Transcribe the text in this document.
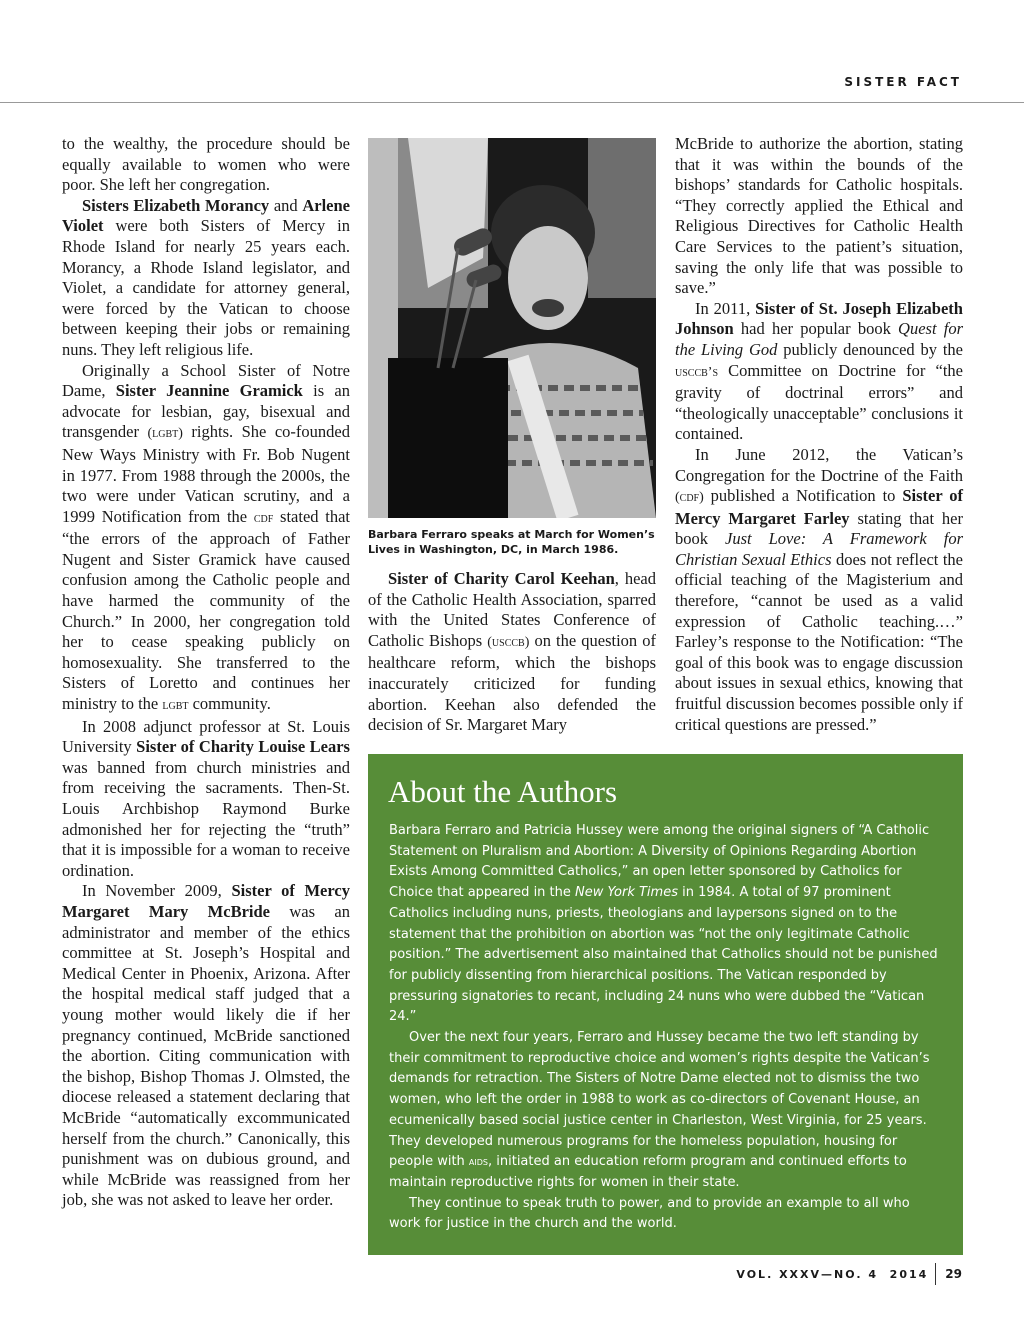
SISTER FACT

to the wealthy, the procedure should be equally available to women who were poor. She left her congregation.

Sisters Elizabeth Morancy and Arlene Violet were both Sisters of Mercy in Rhode Island for nearly 25 years each. Morancy, a Rhode Island legislator, and Violet, a candidate for attorney general, were forced by the Vatican to choose between keeping their jobs or remaining nuns. They left religious life.

Originally a School Sister of Notre Dame, Sister Jeannine Gramick is an advocate for lesbian, gay, bisexual and transgender (lgbt) rights. She co-founded New Ways Ministry with Fr. Bob Nugent in 1977. From 1988 through the 2000s, the two were under Vatican scrutiny, and a 1999 Notification from the cdf stated that “the errors of the approach of Father Nugent and Sister Gramick have caused confusion among the Catholic people and have harmed the community of the Church.” In 2000, her congregation told her to cease speaking publicly on homosexuality. She transferred to the Sisters of Loretto and continues her ministry to the lgbt community.

In 2008 adjunct professor at St. Louis University Sister of Charity Louise Lears was banned from church ministries and from receiving the sacraments. Then-St. Louis Archbishop Raymond Burke admonished her for rejecting the “truth” that it is impossible for a woman to receive ordination.

In November 2009, Sister of Mercy Margaret Mary McBride was an administrator and member of the ethics committee at St. Joseph’s Hospital and Medical Center in Phoenix, Arizona. After the hospital medical staff judged that a young mother would likely die if her pregnancy continued, McBride sanctioned the abortion. Citing communication with the bishop, Bishop Thomas J. Olmsted, the diocese released a statement declaring that McBride “automatically excommunicated herself from the church.” Canonically, this punishment was on dubious ground, and while McBride was reassigned from her job, she was not asked to leave her order.

Barbara Ferraro speaks at March for Women’s Lives in Washington, DC, in March 1986.

Sister of Charity Carol Keehan, head of the Catholic Health Association, sparred with the United States Conference of Catholic Bishops (usccb) on the question of healthcare reform, which the bishops inaccurately criticized for funding abortion. Keehan also defended the decision of Sr. Margaret Mary

McBride to authorize the abortion, stating that it was within the bounds of the bishops’ standards for Catholic hospitals. “They correctly applied the Ethical and Religious Directives for Catholic Health Care Services to the patient’s situation, saving the only life that was possible to save.”

In 2011, Sister of St. Joseph Elizabeth Johnson had her popular book Quest for the Living God publicly denounced by the usccb’s Committee on Doctrine for “the gravity of doctrinal errors” and “theologically unacceptable” conclusions it contained.

In June 2012, the Vatican’s Congregation for the Doctrine of the Faith (cdf) published a Notification to Sister of Mercy Margaret Farley stating that her book Just Love: A Framework for Christian Sexual Ethics does not reflect the official teaching of the Magisterium and therefore, “cannot be used as a valid expression of Catholic teaching.…” Farley’s response to the Notification: “The goal of this book was to engage discussion about issues in sexual ethics, knowing that fruitful discussion becomes possible only if critical questions are pressed.”

About the Authors

Barbara Ferraro and Patricia Hussey were among the original signers of “A Catholic Statement on Pluralism and Abortion: A Diversity of Opinions Regarding Abortion Exists Among Committed Catholics,” an open letter sponsored by Catholics for Choice that appeared in the New York Times in 1984. A total of 97 prominent Catholics including nuns, priests, theologians and laypersons signed on to the statement that the prohibition on abortion was “not the only legitimate Catholic position.” The advertisement also maintained that Catholics should not be punished for publicly dissenting from hierarchical positions. The Vatican responded by pressuring signatories to recant, including 24 nuns who were dubbed the “Vatican 24.”

Over the next four years, Ferraro and Hussey became the two left standing by their commitment to reproductive choice and women’s rights despite the Vatican’s demands for retraction. The Sisters of Notre Dame elected not to dismiss the two women, who left the order in 1988 to work as co-directors of Covenant House, an ecumenically based social justice center in Charleston, West Virginia, for 25 years. They developed numerous programs for the homeless population, housing for people with aids, initiated an education reform program and continued efforts to maintain reproductive rights for women in their state.

They continue to speak truth to power, and to provide an example to all who work for justice in the church and the world.

VOL. XXXV—NO. 4  2014 29
